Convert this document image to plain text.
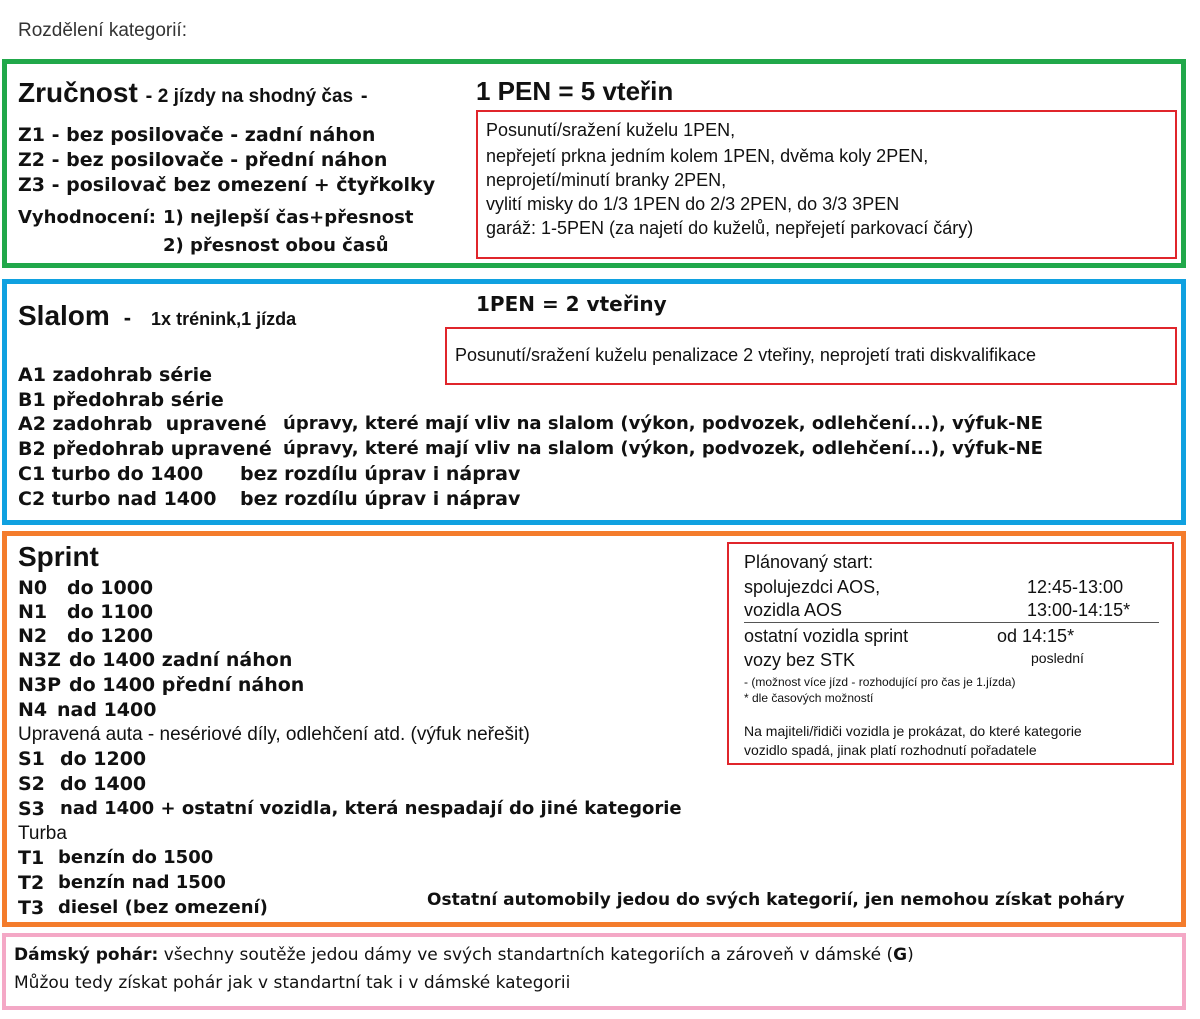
Rozdělení kategorií:
Zručnost - 2 jízdy na shodný čas -
Z1 - bez posilovače - zadní náhon
Z2 - bez posilovače - přední náhon
Z3 - posilovač bez omezení + čtyřkolky
Vyhodnocení: 1) nejlepší čas+přesnost
2) přesnost obou časů
1 PEN = 5 vteřin
Posunutí/sražení kuželu 1PEN,
nepřejetí prkna jedním kolem 1PEN, dvěma koly 2PEN,
neprojetí/minutí branky 2PEN,
vylití misky do 1/3 1PEN do 2/3 2PEN, do 3/3 3PEN
garáž: 1-5PEN (za najetí do kuželů, nepřejetí parkovací čáry)
Slalom  -   1x trénink,1 jízda
1PEN = 2 vteřiny
Posunutí/sražení kuželu penalizace 2 vteřiny, neprojetí trati diskvalifikace
A1 zadohrab série
B1 předohrab série
A2 zadohrab  upravené úpravy, které mají vliv na slalom (výkon, podvozek, odlehčení...), výfuk-NE
B2 předohrab upravené úpravy, které mají vliv na slalom (výkon, podvozek, odlehčení...), výfuk-NE
C1 turbo do 1400 bez rozdílu úprav i náprav
C2 turbo nad 1400 bez rozdílu úprav i náprav
Sprint
N0 do 1000
N1 do 1100
N2 do 1200
N3Z do 1400 zadní náhon
N3P do 1400 přední náhon
N4 nad 1400
Upravená auta - nesériové díly, odlehčení atd. (výfuk neřešit)
S1 do 1200
S2 do 1400
S3 nad 1400 + ostatní vozidla, která nespadají do jiné kategorie
Turba
T1 benzín do 1500
T2 benzín nad 1500
T3 diesel (bez omezení)	Ostatní automobily jedou do svých kategorií, jen nemohou získat poháry
Plánovaný start:
spolujezdci AOS,	12:45-13:00
vozidla AOS	13:00-14:15*
ostatní vozidla sprint	od 14:15*
vozy bez STK	poslední
- (možnost více jízd - rozhodující pro čas je 1.jízda)
* dle časových možností
Na majiteli/řidiči vozidla je prokázat, do které kategorie
vozidlo spadá, jinak platí rozhodnutí pořadatele
Dámský pohár: všechny soutěže jedou dámy ve svých standartních kategoriích a zároveň v dámské (G)
Můžou tedy získat pohár jak v standartní tak i v dámské kategorii
